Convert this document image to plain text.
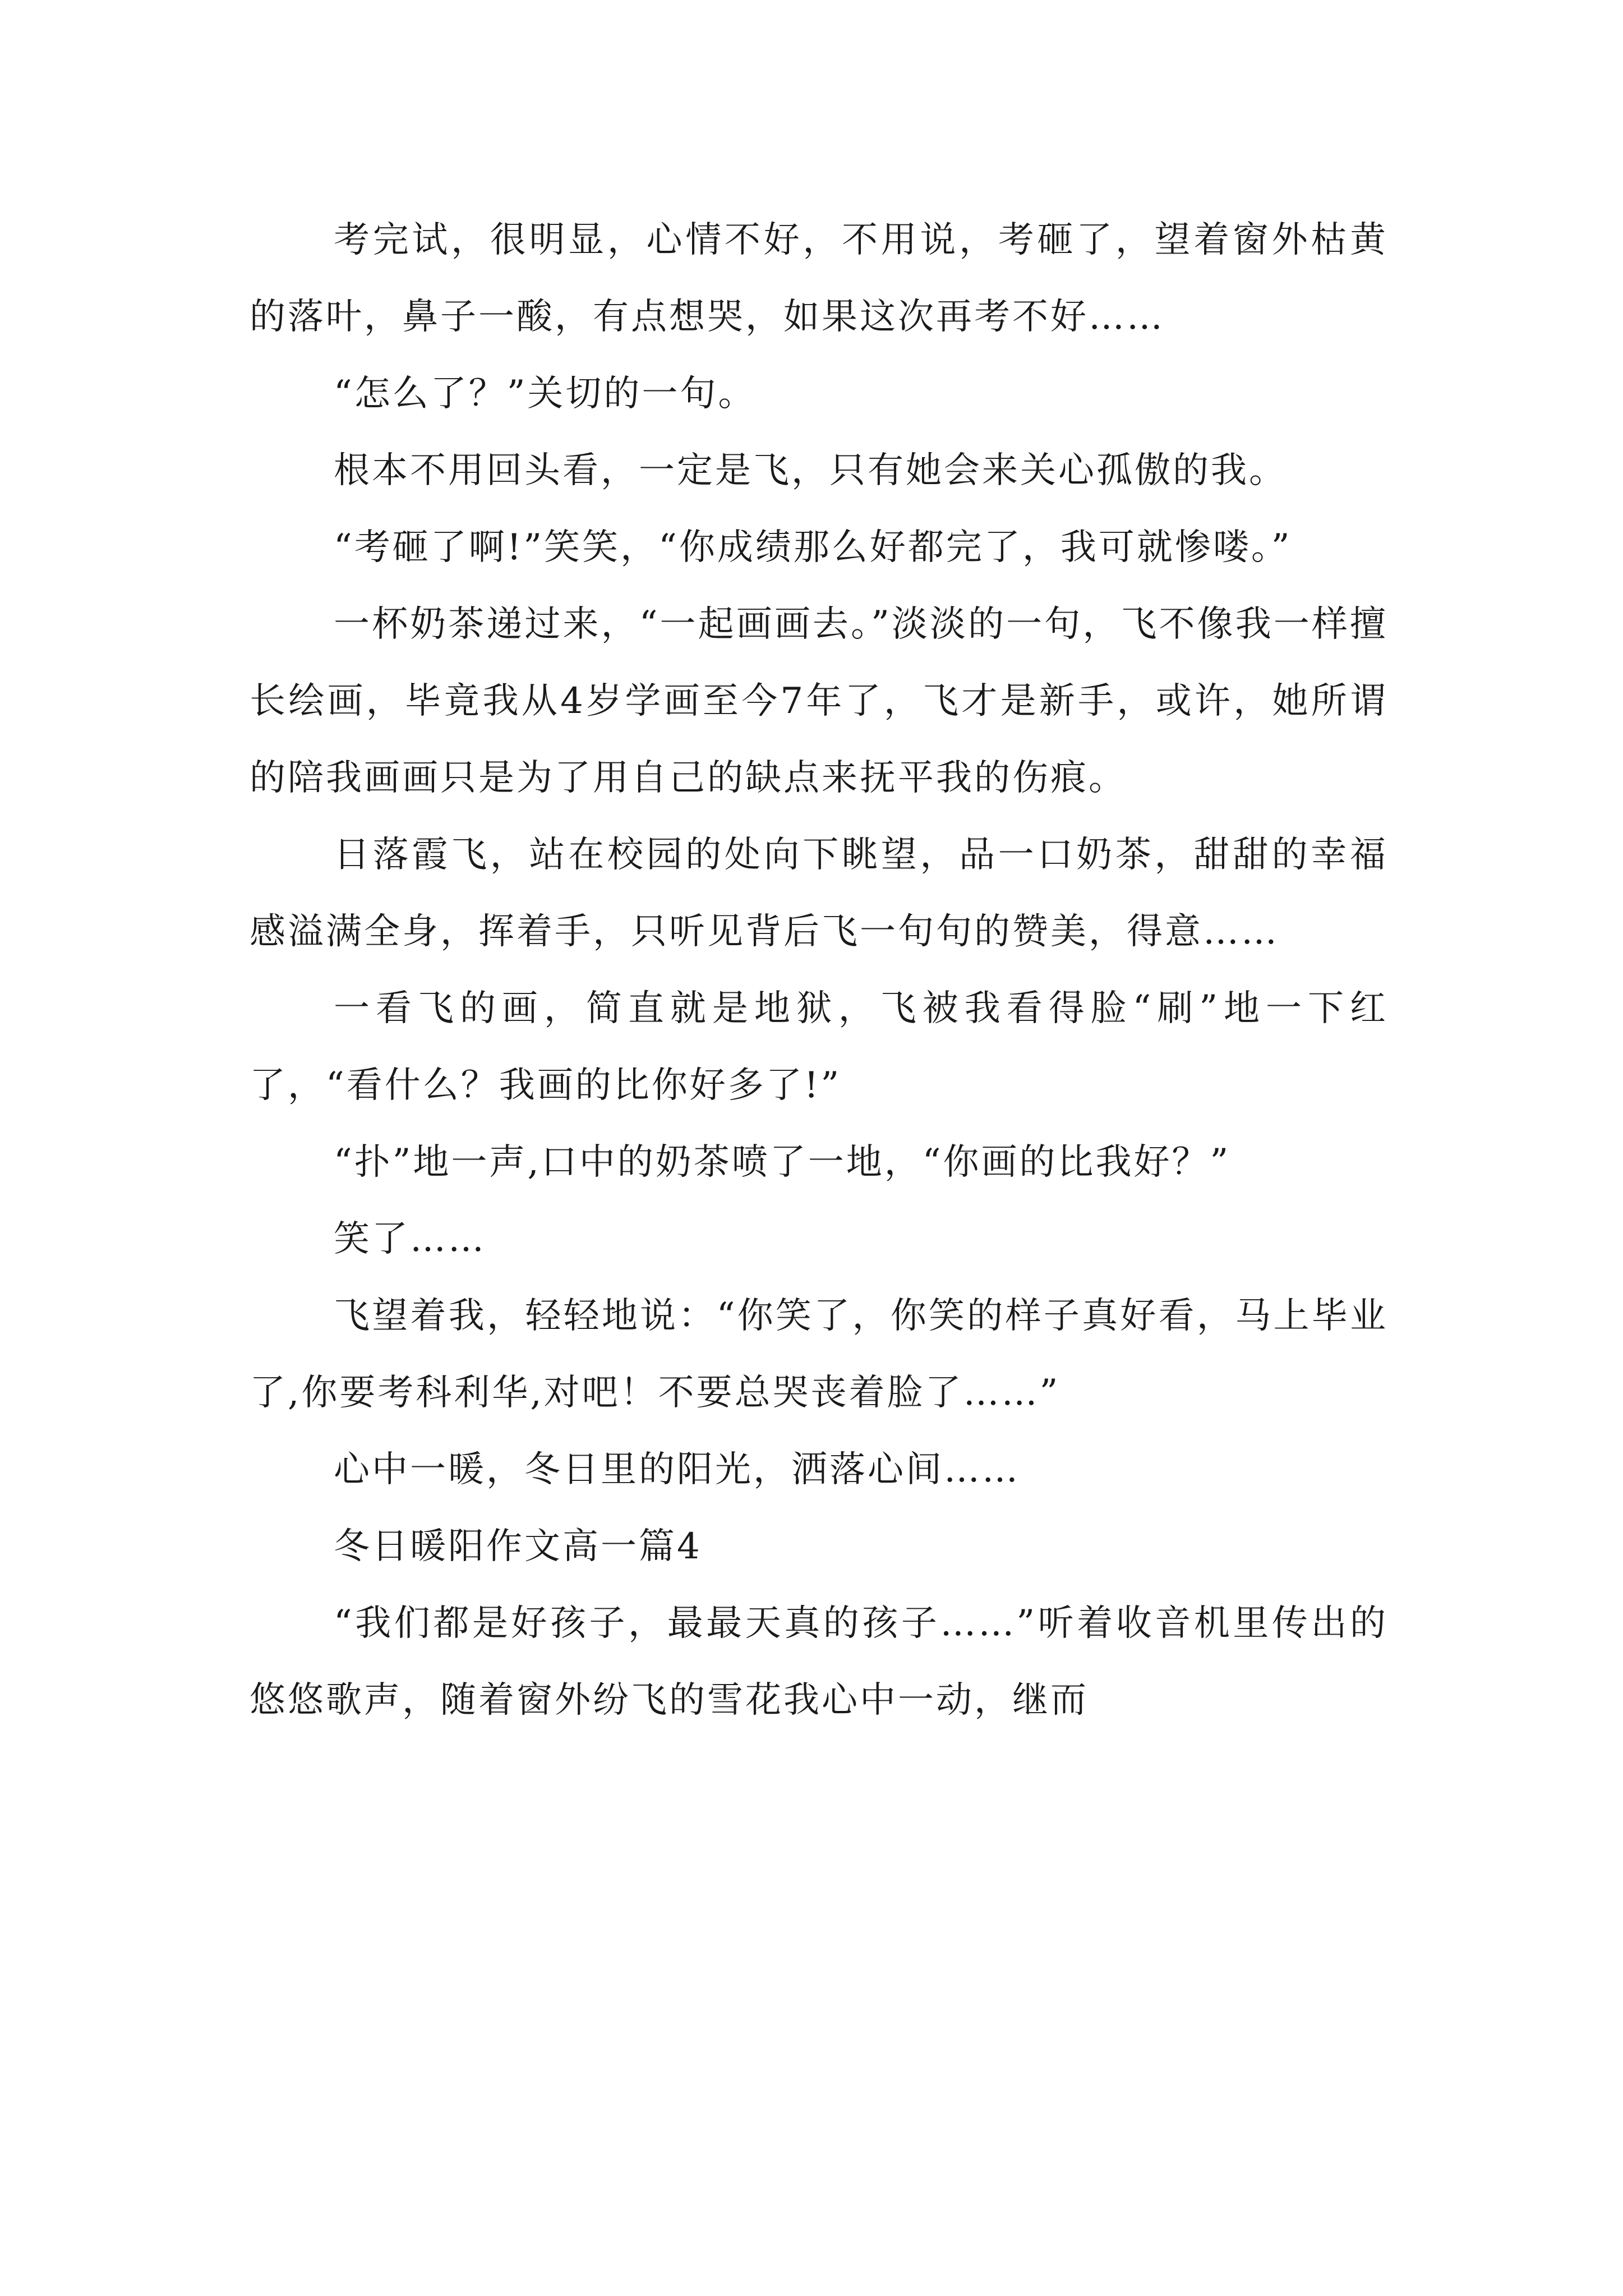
考完试，很明显，心情不好，不用说，考砸了，望着窗外枯黄的落叶，鼻子一酸，有点想哭，如果这次再考不好……

“怎么了？”关切的一句。

根本不用回头看，一定是飞，只有她会来关心孤傲的我。

“考砸了啊!”笑笑，“你成绩那么好都完了，我可就惨喽。”

一杯奶茶递过来，“一起画画去。”淡淡的一句，飞不像我一样擅长绘画，毕竟我从4岁学画至今7年了，飞才是新手，或许，她所谓的陪我画画只是为了用自己的缺点来抚平我的伤痕。

日落霞飞，站在校园的处向下眺望，品一口奶茶，甜甜的幸福感溢满全身，挥着手，只听见背后飞一句句的赞美，得意……

一看飞的画，简直就是地狱，飞被我看得脸“刷”地一下红了，“看什么？我画的比你好多了!”

“扑”地一声,口中的奶茶喷了一地，“你画的比我好？”

笑了……

飞望着我，轻轻地说：“你笑了，你笑的样子真好看，马上毕业了,你要考科利华,对吧！不要总哭丧着脸了……”

心中一暖，冬日里的阳光，洒落心间……

冬日暖阳作文高一篇4

“我们都是好孩子，最最天真的孩子……”听着收音机里传出的悠悠歌声，随着窗外纷飞的雪花我心中一动，继而
